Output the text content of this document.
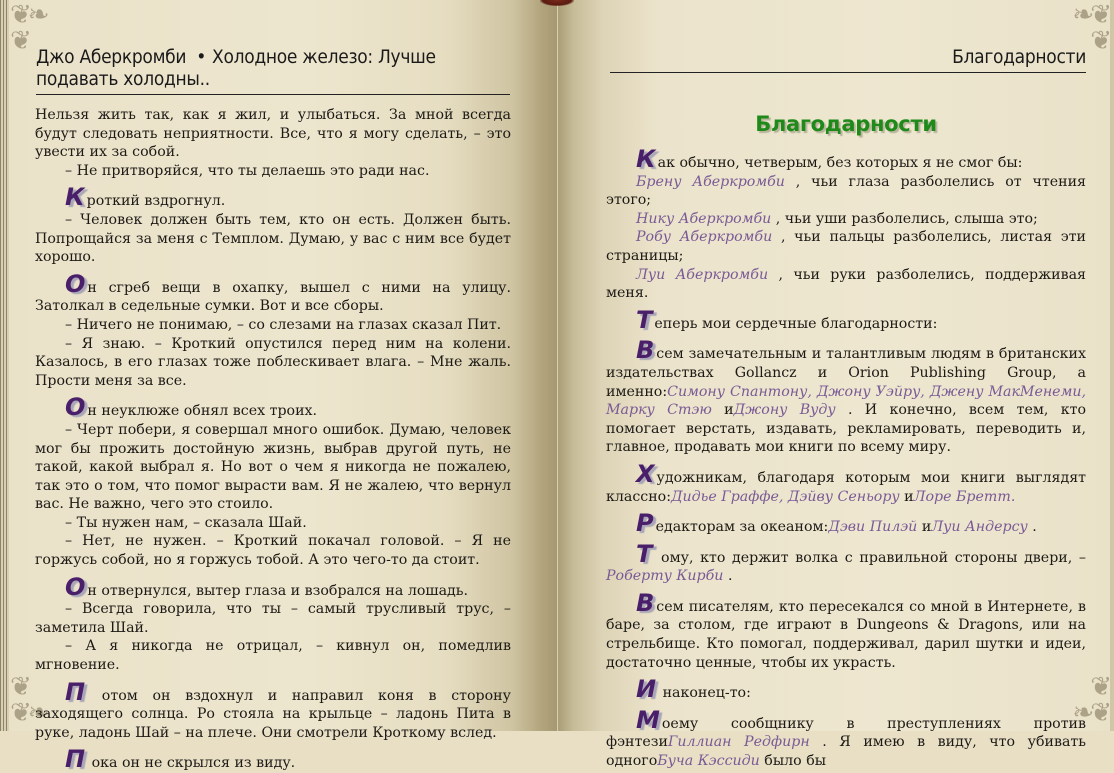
❦❧
❦
❦
❦❧
Джо Аберкромби • Холодное железо: Лучше подавать холодны..

Нельзя жить так, как я жил, и улыбаться. За мной всегда будут следовать неприятности. Все, что я могу сделать, – это увести их за собой.

– Не притворяйся, что ты делаешь это ради нас.

Кроткий вздрогнул.

– Человек должен быть тем, кто он есть. Должен быть. Попрощайся за меня с Темплом. Думаю, у вас с ним все будет хорошо.

Он сгреб вещи в охапку, вышел с ними на улицу. Затолкал в седельные сумки. Вот и все сборы.

– Ничего не понимаю, – со слезами на глазах сказал Пит.

– Я знаю. – Кроткий опустился перед ним на колени. Казалось, в его глазах тоже поблескивает влага. – Мне жаль. Прости меня за все.

Он неуклюже обнял всех троих.

– Черт побери, я совершал много ошибок. Думаю, человек мог бы прожить достойную жизнь, выбрав другой путь, не такой, какой выбрал я. Но вот о чем я никогда не пожалею, так это о том, что помог вырасти вам. Я не жалею, что вернул вас. Не важно, чего это стоило.

– Ты нужен нам, – сказала Шай.

– Нет, не нужен. – Кроткий покачал головой. – Я не горжусь собой, но я горжусь тобой. А это чего-то да стоит.

Он отвернулся, вытер глаза и взобрался на лошадь.

– Всегда говорила, что ты – самый трусливый трус, – заметила Шай.

– А я никогда не отрицал, – кивнул он, помедлив мгновение.

П отом он вздохнул и направил коня в сторону заходящего солнца. Ро стояла на крыльце – ладонь Пита в руке, ладонь Шай – на плече. Они смотрели Кроткому вслед.

П ока он не скрылся из виду.

❧❦
❦
❦
❧❦
Благодарности
Благодарности

Как обычно, четверым, без которых я не смог бы:

Брену Аберкромби , чьи глаза разболелись от чтения этого;

Нику Аберкромби , чьи уши разболелись, слыша это;

Робу Аберкромби , чьи пальцы разболелись, листая эти страницы;

Луи Аберкромби , чьи руки разболелись, поддерживая меня.

Теперь мои сердечные благодарности:

Всем замечательным и талантливым людям в британских издательствах Gollancz и Orion Publishing Group, а именно:Симону Спантону, Джону Уэйру, Джену МакМенеми, Марку Стэю иДжону Вуду . И конечно, всем тем, кто помогает верстать, издавать, рекламировать, переводить и, главное, продавать мои книги по всему миру.

Художникам, благодаря которым мои книги выглядят классно:Дидье Граффе, Дэйву Сеньору иЛоре Бретт.

Редакторам за океаном:Дэви Пилэй иЛуи Андерсу .

Т ому, кто держит волка с правильной стороны двери, –Роберту Кирби .

Всем писателям, кто пересекался со мной в Интернете, в баре, за столом, где играют в Dungeons & Dragons, или на стрельбище. Кто помогал, поддерживал, дарил шутки и идеи, достаточно ценные, чтобы их украсть.

И наконец-то:

Моему сообщнику в преступлениях против фэнтезиГиллиан Редфирн . Я имею в виду, что убивать одногоБуча Кэссиди было бы
